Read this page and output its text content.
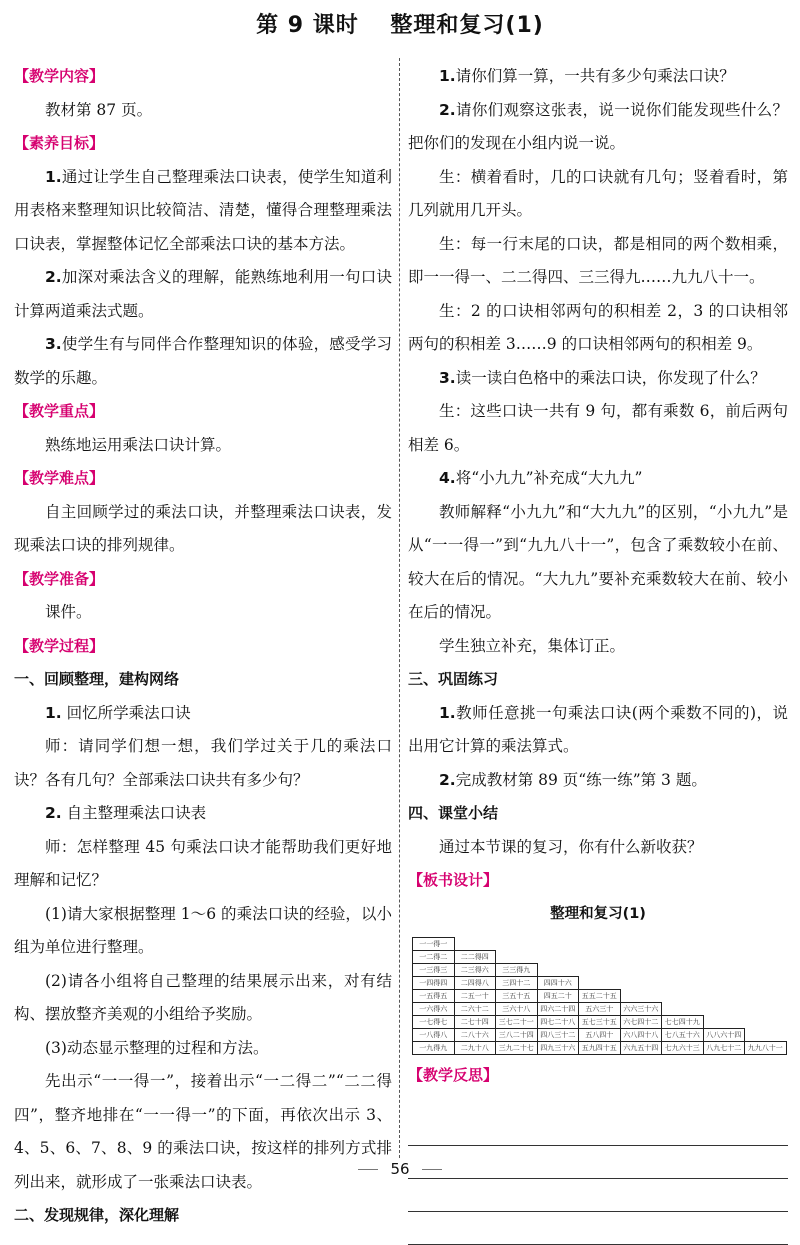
第 9 课时　 整理和复习(1)

【教学内容】

教材第 87 页。

【素养目标】

1.通过让学生自己整理乘法口诀表，使学生知道利用表格来整理知识比较简洁、清楚，懂得合理整理乘法口诀表，掌握整体记忆全部乘法口诀的基本方法。

2.加深对乘法含义的理解，能熟练地利用一句口诀计算两道乘法式题。

3.使学生有与同伴合作整理知识的体验，感受学习数学的乐趣。

【教学重点】

熟练地运用乘法口诀计算。

【教学难点】

自主回顾学过的乘法口诀，并整理乘法口诀表，发现乘法口诀的排列规律。

【教学准备】

课件。

【教学过程】

一、回顾整理，建构网络

1. 回忆所学乘法口诀

师：请同学们想一想，我们学过关于几的乘法口诀？各有几句？全部乘法口诀共有多少句？

2. 自主整理乘法口诀表

师：怎样整理 45 句乘法口诀才能帮助我们更好地理解和记忆？

(1)请大家根据整理 1～6 的乘法口诀的经验，以小组为单位进行整理。

(2)请各小组将自己整理的结果展示出来，对有结构、摆放整齐美观的小组给予奖励。

(3)动态显示整理的过程和方法。

先出示“一一得一”，接着出示“一二得二”“二二得四”，整齐地排在“一一得一”的下面，再依次出示 3、4、5、6、7、8、9 的乘法口诀，按这样的排列方式排列出来，就形成了一张乘法口诀表。

二、发现规律，深化理解

1.请你们算一算，一共有多少句乘法口诀？

2.请你们观察这张表，说一说你们能发现些什么？把你们的发现在小组内说一说。

生：横着看时，几的口诀就有几句；竖着看时，第几列就用几开头。

生：每一行末尾的口诀，都是相同的两个数相乘，即一一得一、二二得四、三三得九……九九八十一。

生：2 的口诀相邻两句的积相差 2，3 的口诀相邻两句的积相差 3……9 的口诀相邻两句的积相差 9。

3.读一读白色格中的乘法口诀，你发现了什么？

生：这些口诀一共有 9 句，都有乘数 6，前后两句相差 6。

4.将“小九九”补充成“大九九”

教师解释“小九九”和“大九九”的区别，“小九九”是从“一一得一”到“九九八十一”，包含了乘数较小在前、较大在后的情况。“大九九”要补充乘数较大在前、较小在后的情况。

学生独立补充，集体订正。

三、巩固练习

1.教师任意挑一句乘法口诀(两个乘数不同的)，说出用它计算的乘法算式。

2.完成教材第 89 页“练一练”第 3 题。

四、课堂小结

通过本节课的复习，你有什么新收获？

【板书设计】

整理和复习(1)

一一得一
一二得二	二二得四
一三得三	二三得六	三三得九
一四得四	二四得八	三四十二	四四十六
一五得五	二五一十	三五十五	四五二十	五五二十五
一六得六	二六十二	三六十八	四六二十四	五六三十	六六三十六
一七得七	二七十四	三七二十一 四七二十八 五七三十五 六七四十二 七七四十九
一八得八	二八十六	三八二十四 四八三十二	五八四十	六八四十八 七八五十六 八八六十四
一九得九	二九十八	三九二十七 四九三十六 五九四十五 六九五十四 七九六十三 八九七十二 九九八十一

【教学反思】

56
